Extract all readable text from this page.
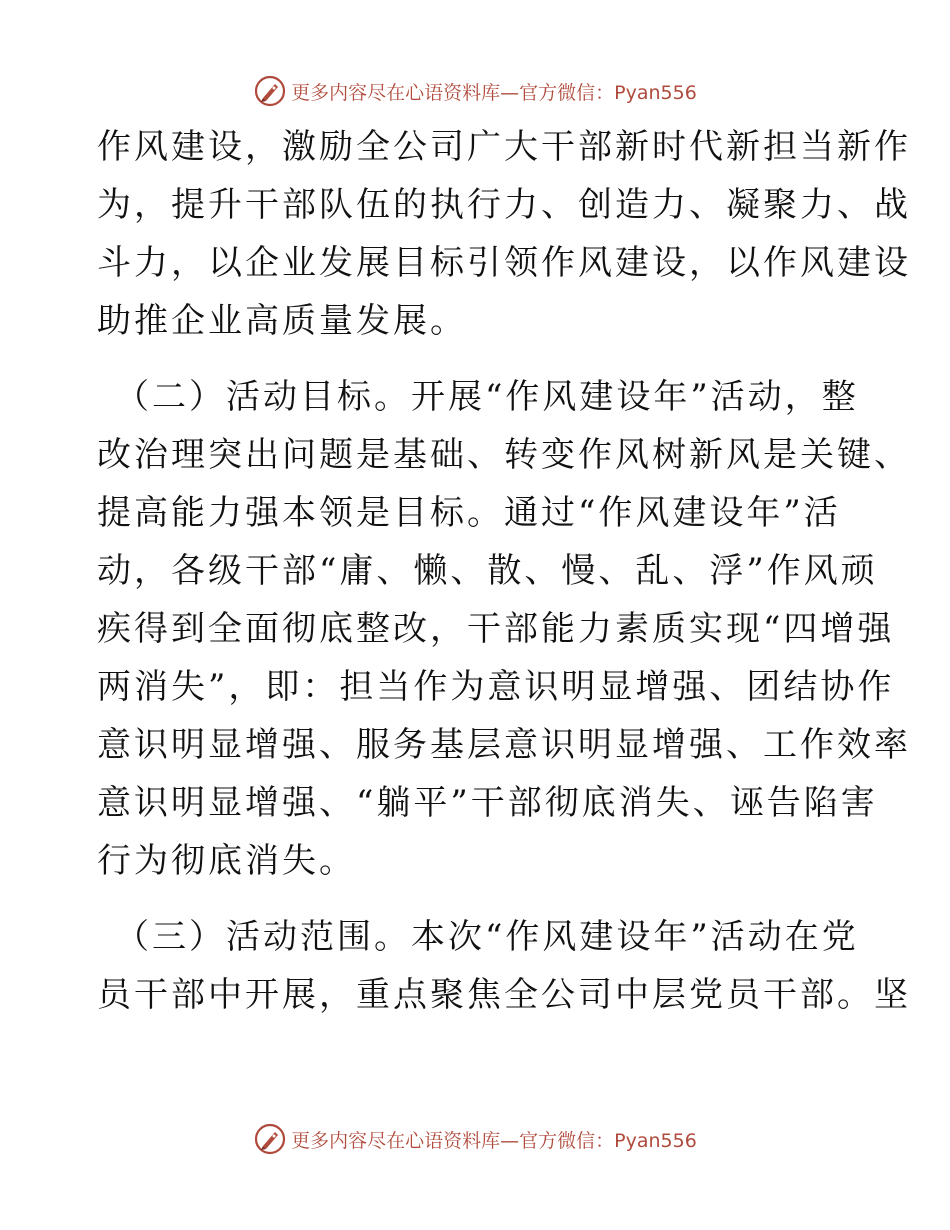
更多内容尽在心语资料库—官方微信：Pyan556
作风建设，激励全公司广大干部新时代新担当新作
为，提升干部队伍的执行力、创造力、凝聚力、战
斗力，以企业发展目标引领作风建设，以作风建设
助推企业高质量发展。
（二）活动目标。开展“作风建设年”活动，整
改治理突出问题是基础、转变作风树新风是关键、
提高能力强本领是目标。通过“作风建设年”活
动，各级干部“庸、懒、散、慢、乱、浮”作风顽
疾得到全面彻底整改，干部能力素质实现“四增强
两消失”，即：担当作为意识明显增强、团结协作
意识明显增强、服务基层意识明显增强、工作效率
意识明显增强、“躺平”干部彻底消失、诬告陷害
行为彻底消失。
（三）活动范围。本次“作风建设年”活动在党
员干部中开展，重点聚焦全公司中层党员干部。坚
更多内容尽在心语资料库—官方微信：Pyan556
